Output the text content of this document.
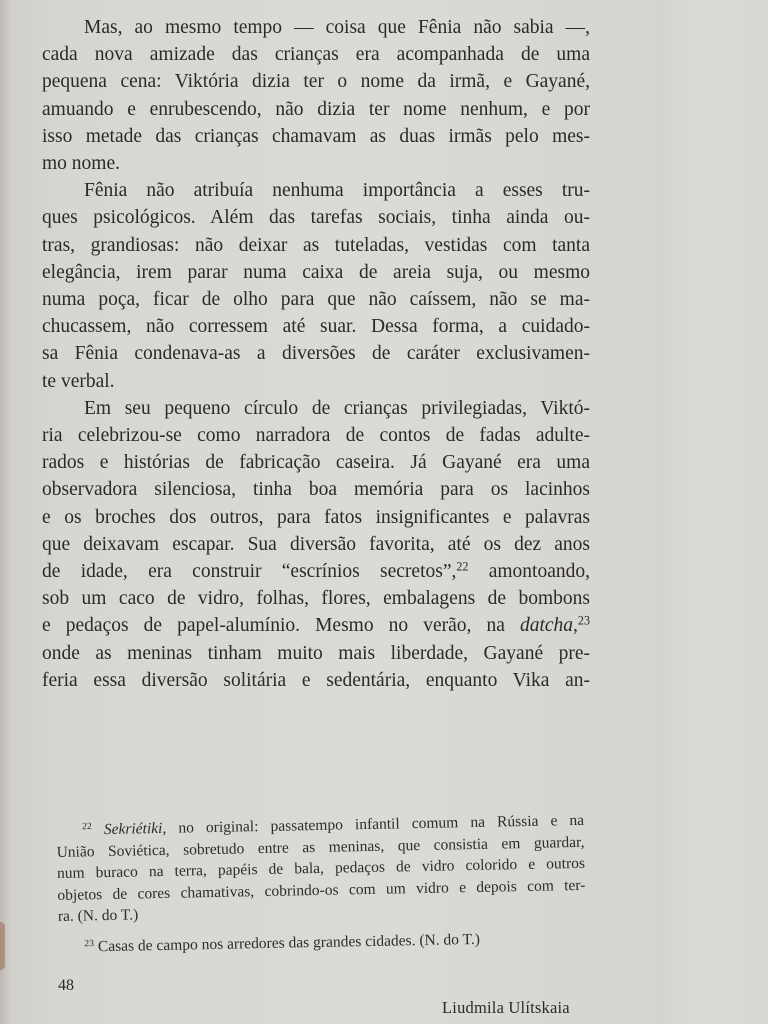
Mas, ao mesmo tempo — coisa que Fênia não sabia —,
cada nova amizade das crianças era acompanhada de uma
pequena cena: Viktória dizia ter o nome da irmã, e Gayané,
amuando e enrubescendo, não dizia ter nome nenhum, e por
isso metade das crianças chamavam as duas irmãs pelo mes-
mo nome.

Fênia não atribuía nenhuma importância a esses tru-
ques psicológicos. Além das tarefas sociais, tinha ainda ou-
tras, grandiosas: não deixar as tuteladas, vestidas com tanta
elegância, irem parar numa caixa de areia suja, ou mesmo
numa poça, ficar de olho para que não caíssem, não se ma-
chucassem, não corressem até suar. Dessa forma, a cuidado-
sa Fênia condenava-as a diversões de caráter exclusivamen-
te verbal.

Em seu pequeno círculo de crianças privilegiadas, Viktó-
ria celebrizou-se como narradora de contos de fadas adulte-
rados e histórias de fabricação caseira. Já Gayané era uma
observadora silenciosa, tinha boa memória para os lacinhos
e os broches dos outros, para fatos insignificantes e palavras
que deixavam escapar. Sua diversão favorita, até os dez anos
de idade, era construir “escrínios secretos”,$^{22}$ amontoando,
sob um caco de vidro, folhas, flores, embalagens de bombons
e pedaços de papel-alumínio. Mesmo no verão, na datcha,$^{23}$
onde as meninas tinham muito mais liberdade, Gayané pre-
feria essa diversão solitária e sedentária, enquanto Vika an-

$^{22}$ Sekriétiki, no original: passatempo infantil comum na Rússia e na
União Soviética, sobretudo entre as meninas, que consistia em guardar,
num buraco na terra, papéis de bala, pedaços de vidro colorido e outros
objetos de cores chamativas, cobrindo-os com um vidro e depois com ter-
ra. (N. do T.)

$^{23}$ Casas de campo nos arredores das grandes cidades. (N. do T.)

48
Liudmila Ulítskaia
